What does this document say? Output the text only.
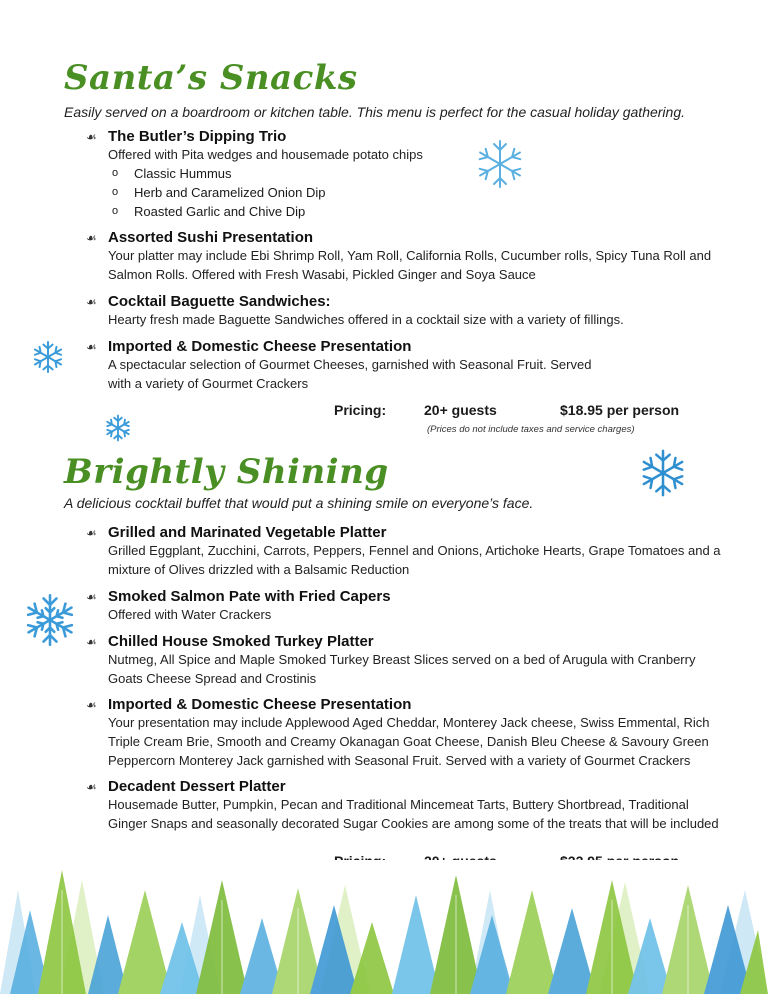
Santa’s Snacks

Easily served on a boardroom or kitchen table. This menu is perfect for the casual holiday gathering.

☙ The Butler’s Dipping Trio
Offered with Pita wedges and housemade potato chips
o	Classic Hummus
o	Herb and Caramelized Onion Dip
o	Roasted Garlic and Chive Dip
☙ Assorted Sushi Presentation
Your platter may include Ebi Shrimp Roll, Yam Roll, California Rolls, Cucumber rolls, Spicy Tuna Roll and Salmon Rolls. Offered with Fresh Wasabi, Pickled Ginger and Soya Sauce
☙ Cocktail Baguette Sandwiches:
Hearty fresh made Baguette Sandwiches offered in a cocktail size with a variety of fillings.
☙ Imported & Domestic Cheese Presentation
A spectacular selection of Gourmet Cheeses, garnished with Seasonal Fruit. Served with a variety of Gourmet Crackers
Pricing:	20+ guests	$18.95 per person
(Prices do not include taxes and service charges)
Brightly Shining

A delicious cocktail buffet that would put a shining smile on everyone’s face.

☙ Grilled and Marinated Vegetable Platter
Grilled Eggplant, Zucchini, Carrots, Peppers, Fennel and Onions, Artichoke Hearts, Grape Tomatoes and a mixture of Olives drizzled with a Balsamic Reduction
☙ Smoked Salmon Pate with Fried Capers
Offered with Water Crackers
☙ Chilled House Smoked Turkey Platter
Nutmeg, All Spice and Maple Smoked Turkey Breast Slices served on a bed of Arugula with Cranberry Goats Cheese Spread and Crostinis
☙ Imported & Domestic Cheese Presentation
Your presentation may include Applewood Aged Cheddar, Monterey Jack cheese, Swiss Emmental, Rich Triple Cream Brie, Smooth and Creamy Okanagan Goat Cheese, Danish Bleu Cheese & Savoury Green Peppercorn Monterey Jack garnished with Seasonal Fruit. Served with a variety of Gourmet Crackers
☙ Decadent Dessert Platter
Housemade Butter, Pumpkin, Pecan and Traditional Mincemeat Tarts, Buttery Shortbread, Traditional Ginger Snaps and seasonally decorated Sugar Cookies are among some of the treats that will be included
